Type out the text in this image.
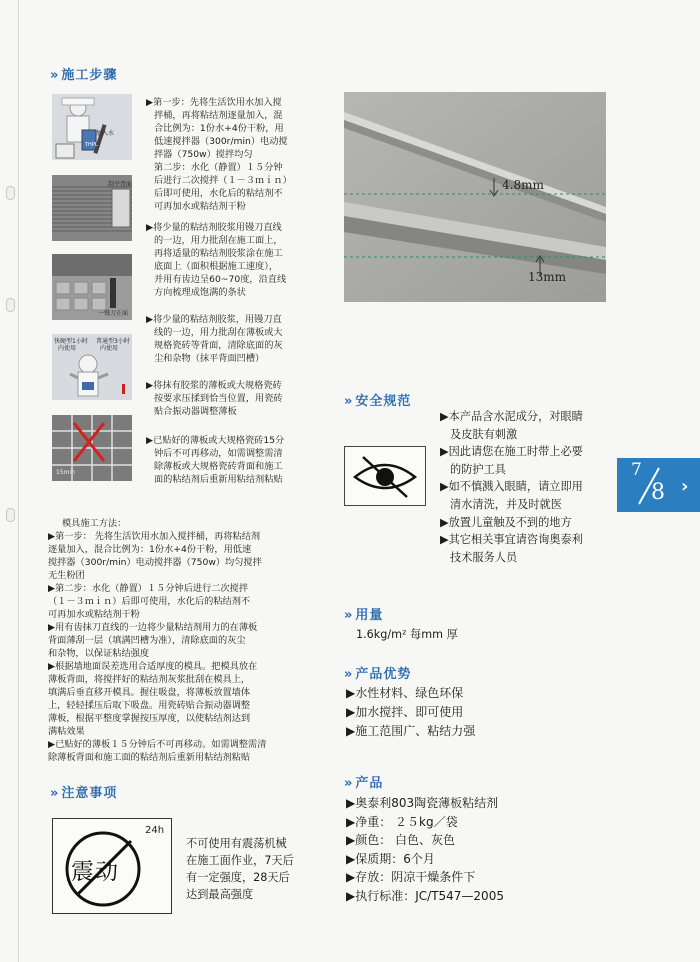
» 施工步骤
加入水
THPL
刮平背面
一镘刀正面
快硬型1小时
内使用
普通型3小时
内使用
15min
▶第一步：先将生活饮用水加入搅
拌桶，再将粘结剂逐量加入，混
合比例为：1份水+4份干粉，用
低速搅拌器（300r/min）电动搅
拌器（750w）搅拌均匀
第二步：水化（静置）１５分钟
后进行二次搅拌（１－３ｍｉｎ）
后即可使用，水化后的粘结剂不
可再加水或粘结剂干粉
▶将少量的粘结剂胶浆用镘刀直线
的一边，用力批刮在施工面上，
再将适量的粘结剂胶浆涂在施工
底面上（面积根据施工速度），
并用有齿边呈60~70度，沿直线
方向梳理成饱满的条状
▶将少量的粘结剂胶浆，用镘刀直
线的一边，用力批刮在薄板或大
规格瓷砖等背面，清除底面的灰
尘和杂物（抹平背面凹槽）
▶将抹有胶浆的薄板或大规格瓷砖
按要求压揉到恰当位置，用瓷砖
贴合振动器调整薄板
▶已贴好的薄板或大规格瓷砖15分
钟后不可再移动，如需调整需清
除薄板或大规格瓷砖背面和施工
面的粘结剂后重新用粘结剂粘贴
模具施工方法：
▶第一步： 先将生活饮用水加入搅拌桶，再将粘结剂
逐量加入，混合比例为：1份水+4份干粉，用低速
搅拌器（300r/min）电动搅拌器（750w）均匀搅拌
无生粉团
▶第二步：水化（静置）１５分钟后进行二次搅拌
（１－３ｍｉｎ）后即可使用，水化后的粘结剂不
可再加水或粘结剂干粉
▶用有齿抹刀直线的一边将少量粘结剂用力的在薄板
背面薄刮一层（填满凹槽为准），清除底面的灰尘
和杂物，以保证粘结强度
▶根据墙地面误差选用合适厚度的模具。把模具放在
薄板背面，将搅拌好的粘结剂灰浆批刮在模具上，
填满后垂直移开模具。握住吸盘，将薄板放置墙体
上，轻轻揉压后取下吸盘。用瓷砖贴合振动器调整
薄板，根据平整度掌握按压厚度，以使粘结剂达到
满粘效果
▶已贴好的薄板１５分钟后不可再移动。如需调整需清
除薄板背面和施工面的粘结剂后重新用粘结剂粘贴
» 注意事项
24h
震动
不可使用有震荡机械
在施工面作业，7天后
有一定强度，28天后
达到最高强度
4.8mm
13mm
» 安全规范
▶本产品含水泥成分，对眼睛
及皮肤有刺激
▶因此请您在施工时带上必要
的防护工具
▶如不慎溅入眼睛，请立即用
清水清洗，并及时就医
▶放置儿童触及不到的地方
▶其它相关事宜请咨询奥泰利
技术服务人员
7
8 ›
» 用量
1.6kg/m² 每mm 厚
» 产品优势
▶水性材料、绿色环保
▶加水搅拌、即可使用
▶施工范围广、粘结力强
» 产品
▶奥泰利803陶瓷薄板粘结剂
▶净重： ２５kg／袋
▶颜色： 白色、灰色
▶保质期：6个月
▶存放：阴凉干燥条件下
▶执行标准：JC/T547—2005
